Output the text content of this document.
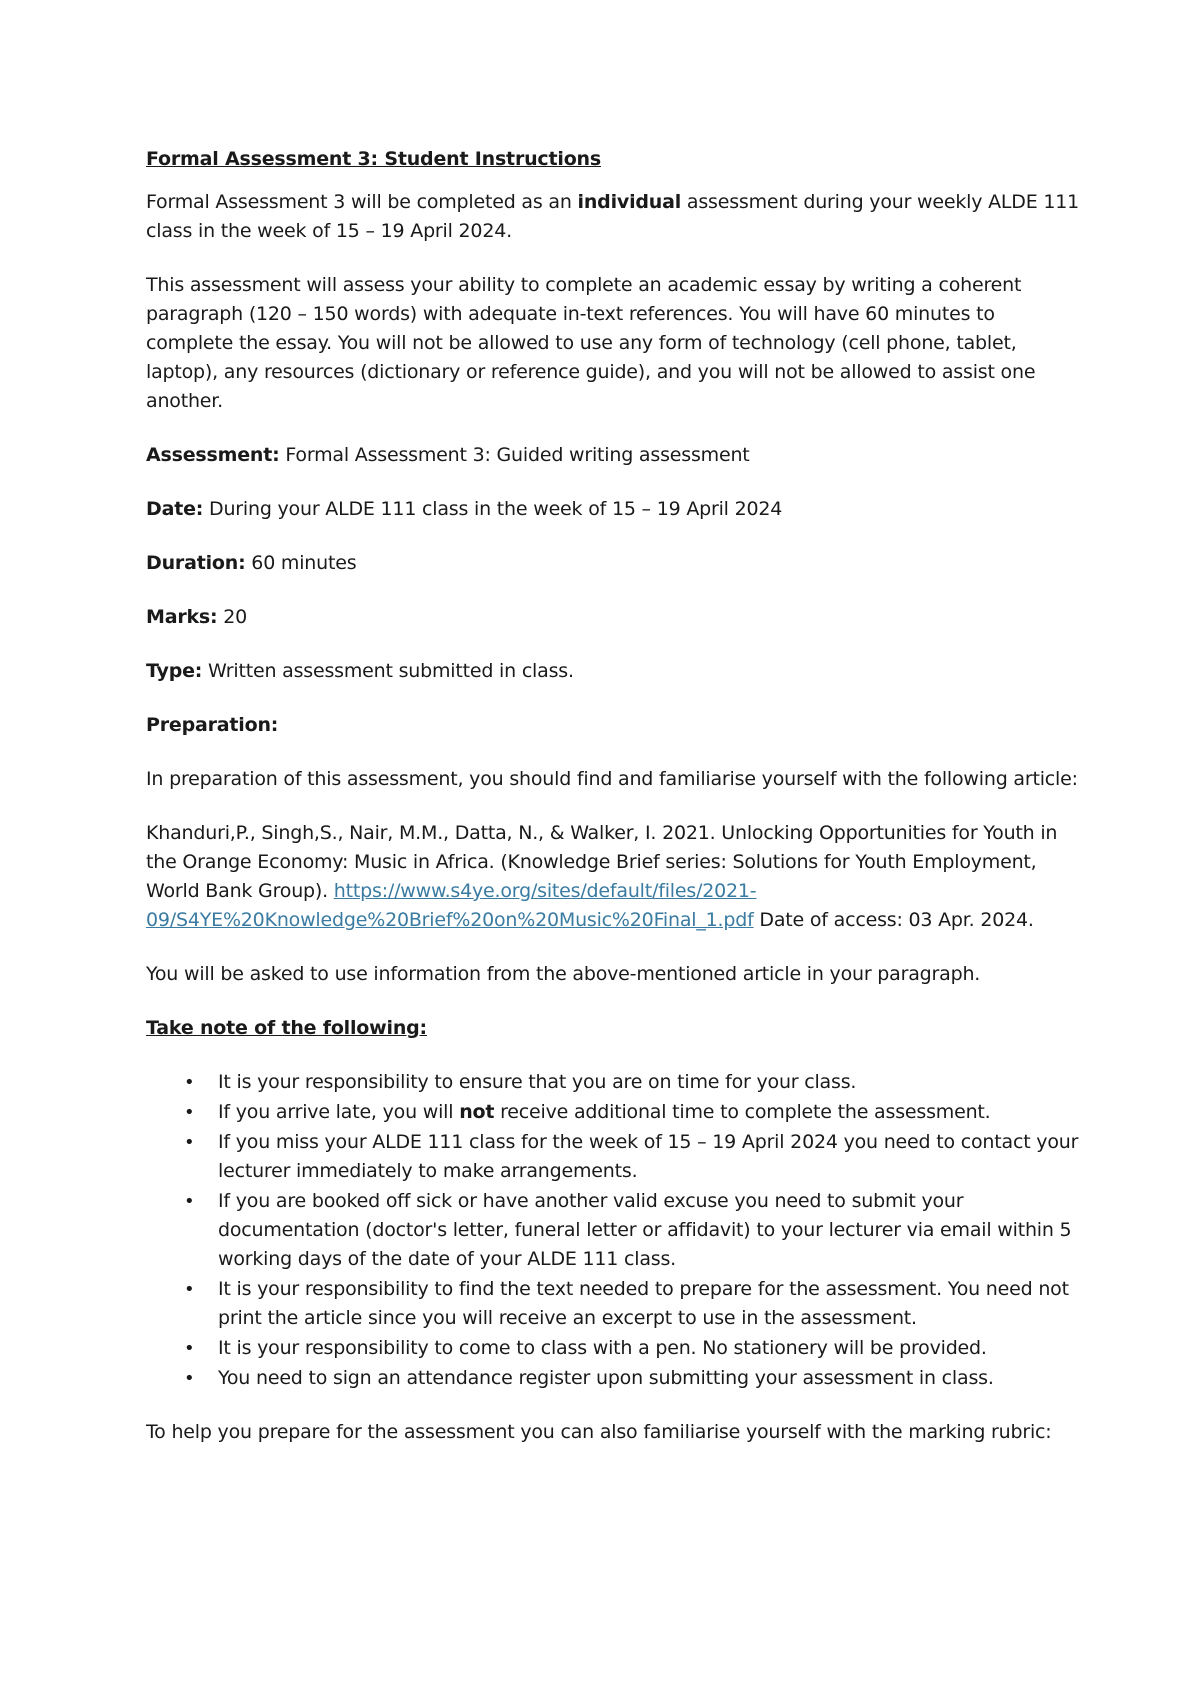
Formal Assessment 3: Student Instructions

Formal Assessment 3 will be completed as an individual assessment during your weekly ALDE 111 class in the week of 15 – 19 April 2024.

This assessment will assess your ability to complete an academic essay by writing a coherent paragraph (120 – 150 words) with adequate in-text references. You will have 60 minutes to complete the essay. You will not be allowed to use any form of technology (cell phone, tablet, laptop), any resources (dictionary or reference guide), and you will not be allowed to assist one another.

Assessment: Formal Assessment 3: Guided writing assessment

Date: During your ALDE 111 class in the week of 15 – 19 April 2024

Duration: 60 minutes

Marks: 20

Type: Written assessment submitted in class.

Preparation:

In preparation of this assessment, you should find and familiarise yourself with the following article:

Khanduri,P., Singh,S., Nair, M.M., Datta, N., & Walker, I. 2021. Unlocking Opportunities for Youth in the Orange Economy: Music in Africa. (Knowledge Brief series: Solutions for Youth Employment, World Bank Group). https://www.s4ye.org/sites/default/files/2021-09/S4YE%20Knowledge%20Brief%20on%20Music%20Final_1.pdf Date of access: 03 Apr. 2024.

You will be asked to use information from the above-mentioned article in your paragraph.

Take note of the following:

• It is your responsibility to ensure that you are on time for your class.
• If you arrive late, you will not receive additional time to complete the assessment.
• If you miss your ALDE 111 class for the week of 15 – 19 April 2024 you need to contact your lecturer immediately to make arrangements.
• If you are booked off sick or have another valid excuse you need to submit your documentation (doctor's letter, funeral letter or affidavit) to your lecturer via email within 5 working days of the date of your ALDE 111 class.
• It is your responsibility to find the text needed to prepare for the assessment. You need not print the article since you will receive an excerpt to use in the assessment.
• It is your responsibility to come to class with a pen. No stationery will be provided.
• You need to sign an attendance register upon submitting your assessment in class.

To help you prepare for the assessment you can also familiarise yourself with the marking rubric:
